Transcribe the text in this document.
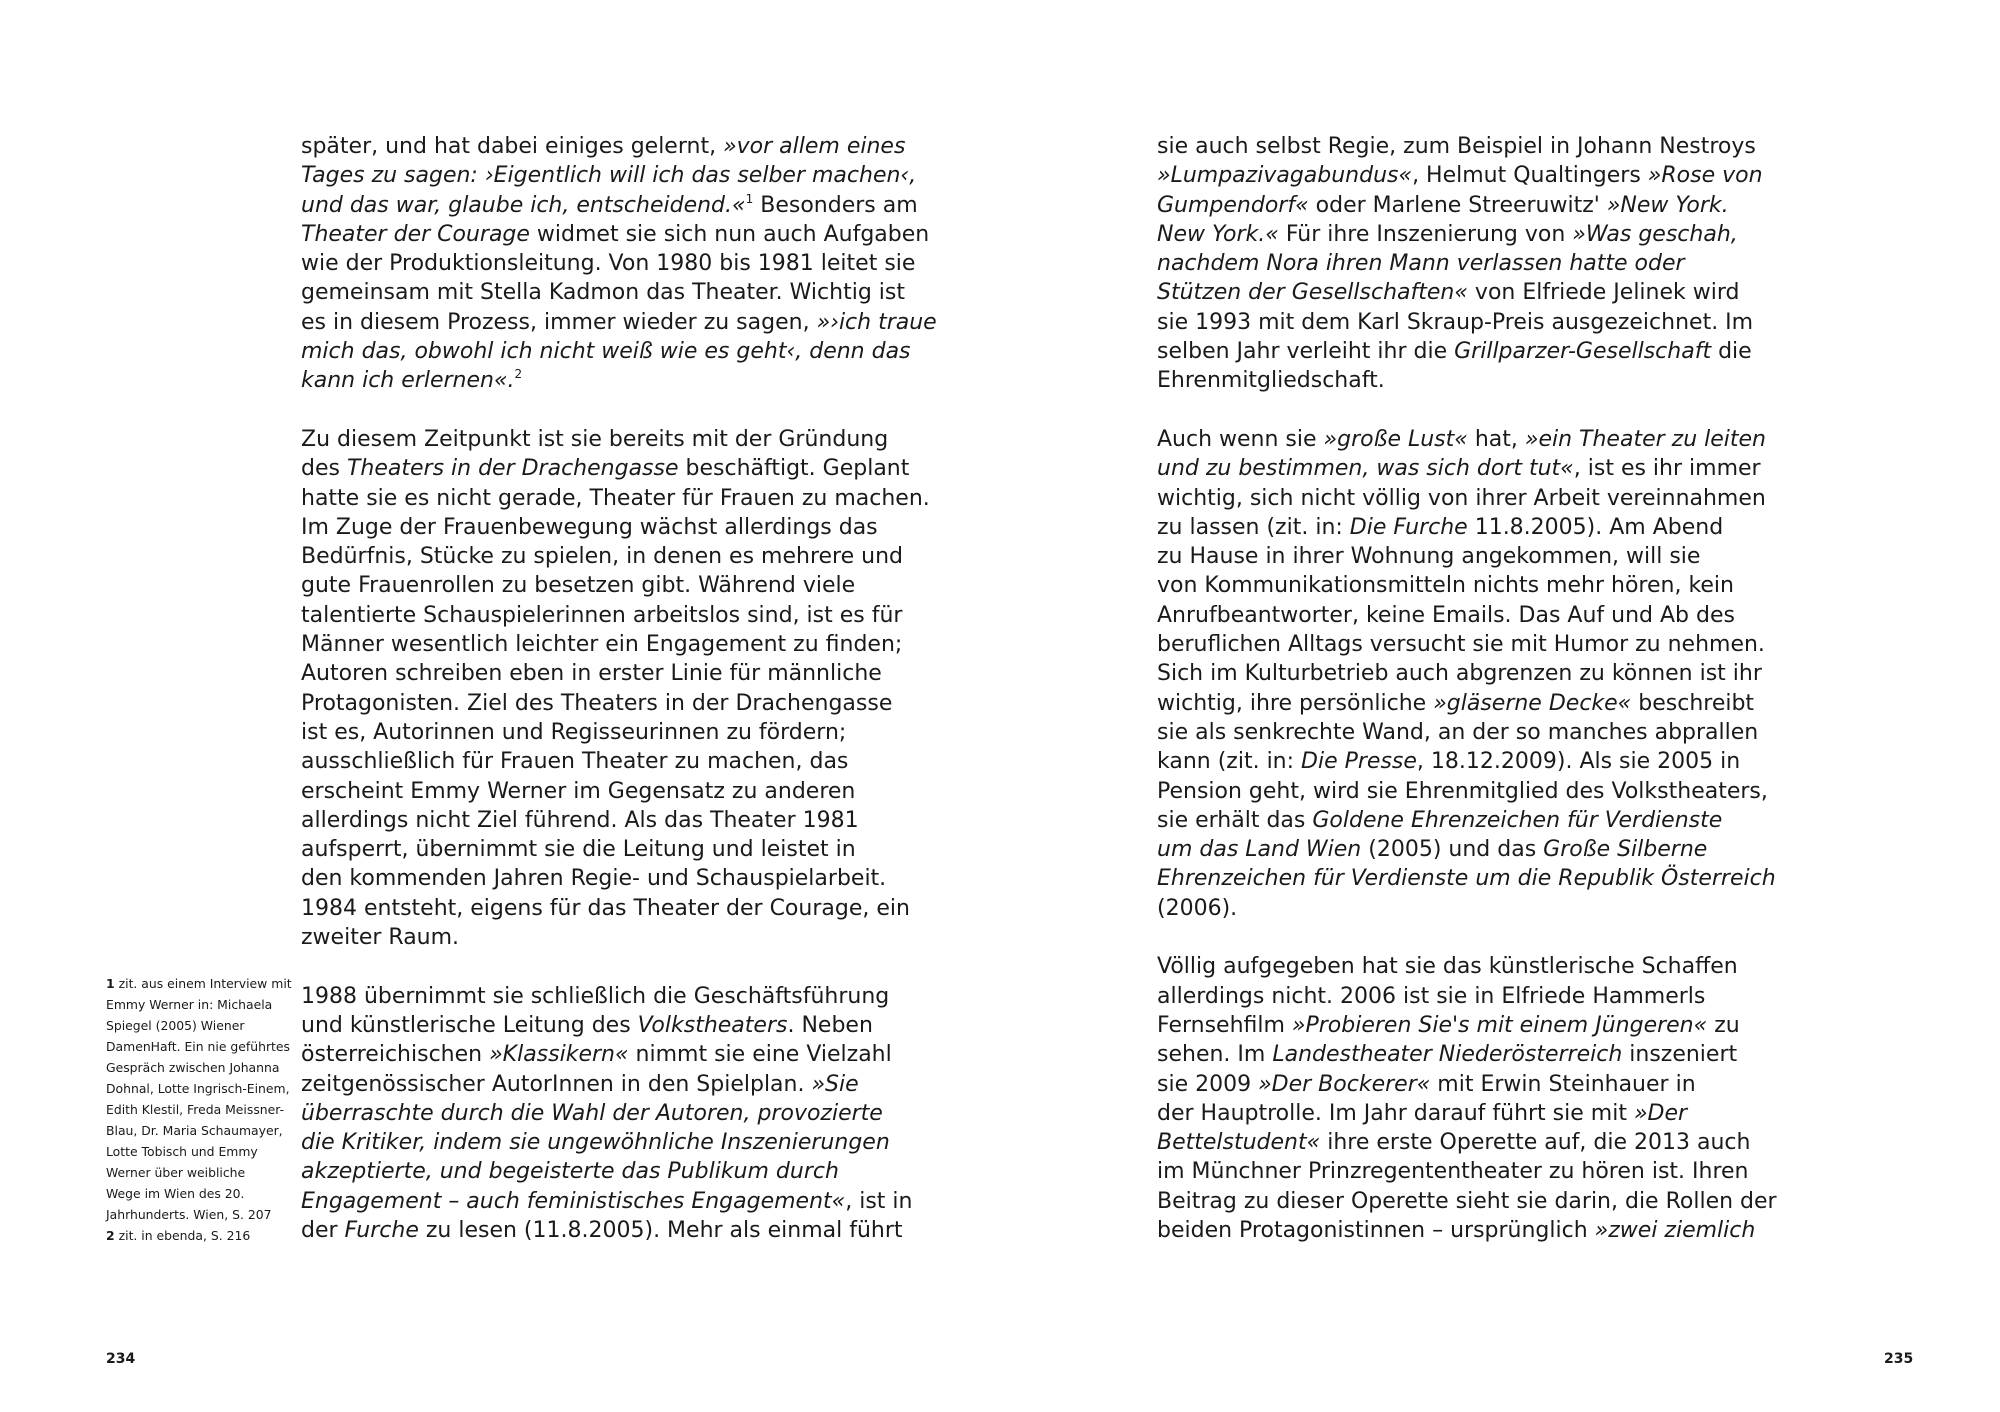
später, und hat dabei einiges gelernt, »vor allem eines
Tages zu sagen: ›Eigentlich will ich das selber machen‹,
und das war, glaube ich, entscheidend.«$^1$ Besonders am
Theater der Courage widmet sie sich nun auch Aufgaben
wie der Produktionsleitung. Von 1980 bis 1981 leitet sie
gemeinsam mit Stella Kadmon das Theater. Wichtig ist
es in diesem Prozess, immer wieder zu sagen, »›ich traue
mich das, obwohl ich nicht weiß wie es geht‹, denn das
kann ich erlernen«.$^2$

Zu diesem Zeitpunkt ist sie bereits mit der Gründung
des Theaters in der Drachengasse beschäftigt. Geplant
hatte sie es nicht gerade, Theater für Frauen zu machen.
Im Zuge der Frauenbewegung wächst allerdings das
Bedürfnis, Stücke zu spielen, in denen es mehrere und
gute Frauenrollen zu besetzen gibt. Während viele
talentierte Schauspielerinnen arbeitslos sind, ist es für
Männer wesentlich leichter ein Engagement zu finden;
Autoren schreiben eben in erster Linie für männliche
Protagonisten. Ziel des Theaters in der Drachengasse
ist es, Autorinnen und Regisseurinnen zu fördern;
ausschließlich für Frauen Theater zu machen, das
erscheint Emmy Werner im Gegensatz zu anderen
allerdings nicht Ziel führend. Als das Theater 1981
aufsperrt, übernimmt sie die Leitung und leistet in
den kommenden Jahren Regie- und Schauspielarbeit.
1984 entsteht, eigens für das Theater der Courage, ein
zweiter Raum.

1988 übernimmt sie schließlich die Geschäftsführung
und künstlerische Leitung des Volkstheaters. Neben
österreichischen »Klassikern« nimmt sie eine Vielzahl
zeitgenössischer AutorInnen in den Spielplan. »Sie
überraschte durch die Wahl der Autoren, provozierte
die Kritiker, indem sie ungewöhnliche Inszenierungen
akzeptierte, und begeisterte das Publikum durch
Engagement – auch feministisches Engagement«, ist in
der Furche zu lesen (11.8.2005). Mehr als einmal führt

1 zit. aus einem Interview mit
Emmy Werner in: Michaela
Spiegel (2005) Wiener
DamenHaft. Ein nie geführtes
Gespräch zwischen Johanna
Dohnal, Lotte Ingrisch-Einem,
Edith Klestil, Freda Meissner-
Blau, Dr. Maria Schaumayer,
Lotte Tobisch und Emmy
Werner über weibliche
Wege im Wien des 20.
Jahrhunderts. Wien, S. 207
2 zit. in ebenda, S. 216
234

sie auch selbst Regie, zum Beispiel in Johann Nestroys
»Lumpazivagabundus«, Helmut Qualtingers »Rose von
Gumpendorf« oder Marlene Streeruwitz' »New York.
New York.« Für ihre Inszenierung von »Was geschah,
nachdem Nora ihren Mann verlassen hatte oder
Stützen der Gesellschaften« von Elfriede Jelinek wird
sie 1993 mit dem Karl Skraup-Preis ausgezeichnet. Im
selben Jahr verleiht ihr die Grillparzer-Gesellschaft die
Ehrenmitgliedschaft.

Auch wenn sie »große Lust« hat, »ein Theater zu leiten
und zu bestimmen, was sich dort tut«, ist es ihr immer
wichtig, sich nicht völlig von ihrer Arbeit vereinnahmen
zu lassen (zit. in: Die Furche 11.8.2005). Am Abend
zu Hause in ihrer Wohnung angekommen, will sie
von Kommunikationsmitteln nichts mehr hören, kein
Anrufbeantworter, keine Emails. Das Auf und Ab des
beruflichen Alltags versucht sie mit Humor zu nehmen.
Sich im Kulturbetrieb auch abgrenzen zu können ist ihr
wichtig, ihre persönliche »gläserne Decke« beschreibt
sie als senkrechte Wand, an der so manches abprallen
kann (zit. in: Die Presse, 18.12.2009). Als sie 2005 in
Pension geht, wird sie Ehrenmitglied des Volkstheaters,
sie erhält das Goldene Ehrenzeichen für Verdienste
um das Land Wien (2005) und das Große Silberne
Ehrenzeichen für Verdienste um die Republik Österreich
(2006).

Völlig aufgegeben hat sie das künstlerische Schaffen
allerdings nicht. 2006 ist sie in Elfriede Hammerls
Fernsehfilm »Probieren Sie's mit einem Jüngeren« zu
sehen. Im Landestheater Niederösterreich inszeniert
sie 2009 »Der Bockerer« mit Erwin Steinhauer in
der Hauptrolle. Im Jahr darauf führt sie mit »Der
Bettelstudent« ihre erste Operette auf, die 2013 auch
im Münchner Prinzregententheater zu hören ist. Ihren
Beitrag zu dieser Operette sieht sie darin, die Rollen der
beiden Protagonistinnen – ursprünglich »zwei ziemlich

235
